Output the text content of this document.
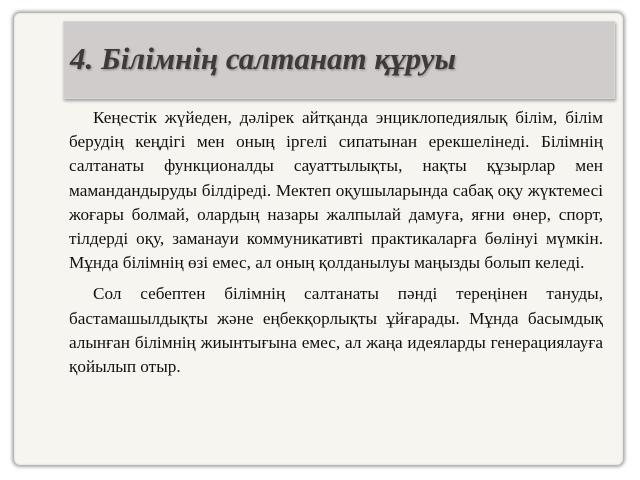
4. Білімнің салтанат құруы

Кеңестік жүйеден, дәлірек айтқанда энциклопедиялық білім, білім берудің кеңдігі мен оның іргелі сипатынан ерекшелінеді. Білімнің салтанаты функционалды сауаттылықты, нақты құзырлар мен мамандандыруды білдіреді. Мектеп оқушыларында сабақ оқу жүктемесі жоғары болмай, олардың назары жалпылай дамуға, яғни өнер, спорт, тілдерді оқу, заманауи коммуникативті практикаларға бөлінуі мүмкін. Мұнда білімнің өзі емес, ал оның қолданылуы маңызды болып келеді.

Сол себептен білімнің салтанаты пәнді тереңінен тануды, бастамашылдықты және еңбекқорлықты ұйғарады. Мұнда басымдық алынған білімнің жиынтығына емес, ал жаңа идеяларды генерациялауға қойылып отыр.
